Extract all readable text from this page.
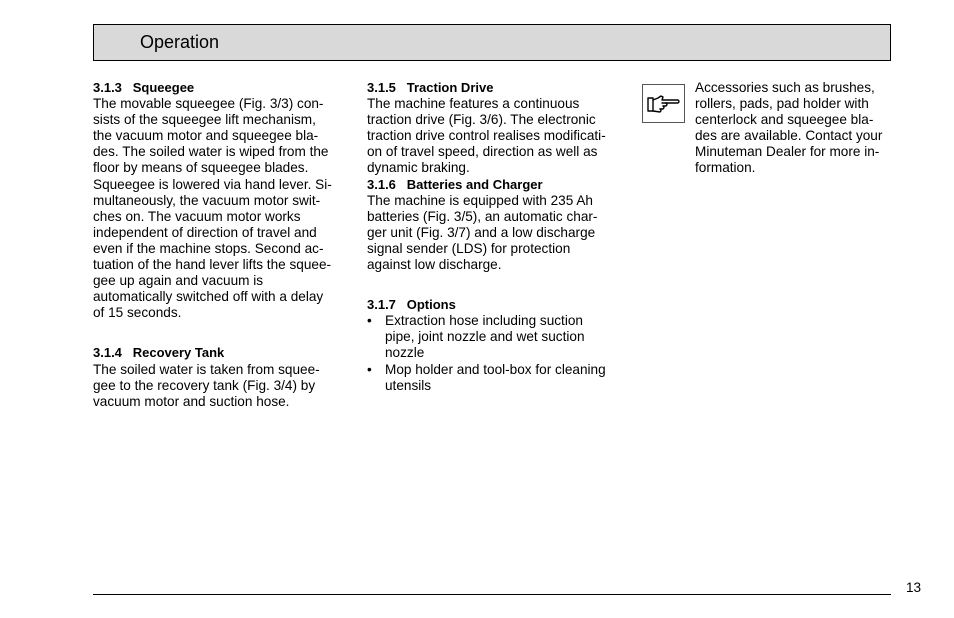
Operation
3.1.3   Squeegee
The movable squeegee (Fig. 3/3) con-
sists of the squeegee lift mechanism,
the vacuum motor and squeegee bla-
des. The soiled water is wiped from the
floor by means of squeegee blades.
Squeegee is lowered via hand lever. Si-
multaneously, the vacuum motor swit-
ches on. The vacuum motor works
independent of direction of travel and
even if the machine stops. Second ac-
tuation of the hand lever lifts the squee-
gee up again and vacuum is
automatically switched off with a delay
of 15 seconds.
3.1.4   Recovery Tank
The soiled water is taken from squee-
gee to the recovery tank (Fig. 3/4) by
vacuum motor and suction hose.
3.1.5   Traction Drive
The machine features a continuous
traction drive (Fig. 3/6). The electronic
traction drive control realises modificati-
on of travel speed, direction as well as
dynamic braking.
3.1.6   Batteries and Charger
The machine is equipped with 235 Ah
batteries (Fig. 3/5), an automatic char-
ger unit (Fig. 3/7) and a low discharge
signal sender (LDS) for protection
against low discharge.
3.1.7   Options
• Extraction hose including suction
pipe, joint nozzle and wet suction
nozzle
• Mop holder and tool-box for cleaning
utensils
Accessories such as brushes,
rollers, pads, pad holder with
centerlock and squeegee bla-
des are available. Contact your
Minuteman Dealer for more in-
formation.
13
